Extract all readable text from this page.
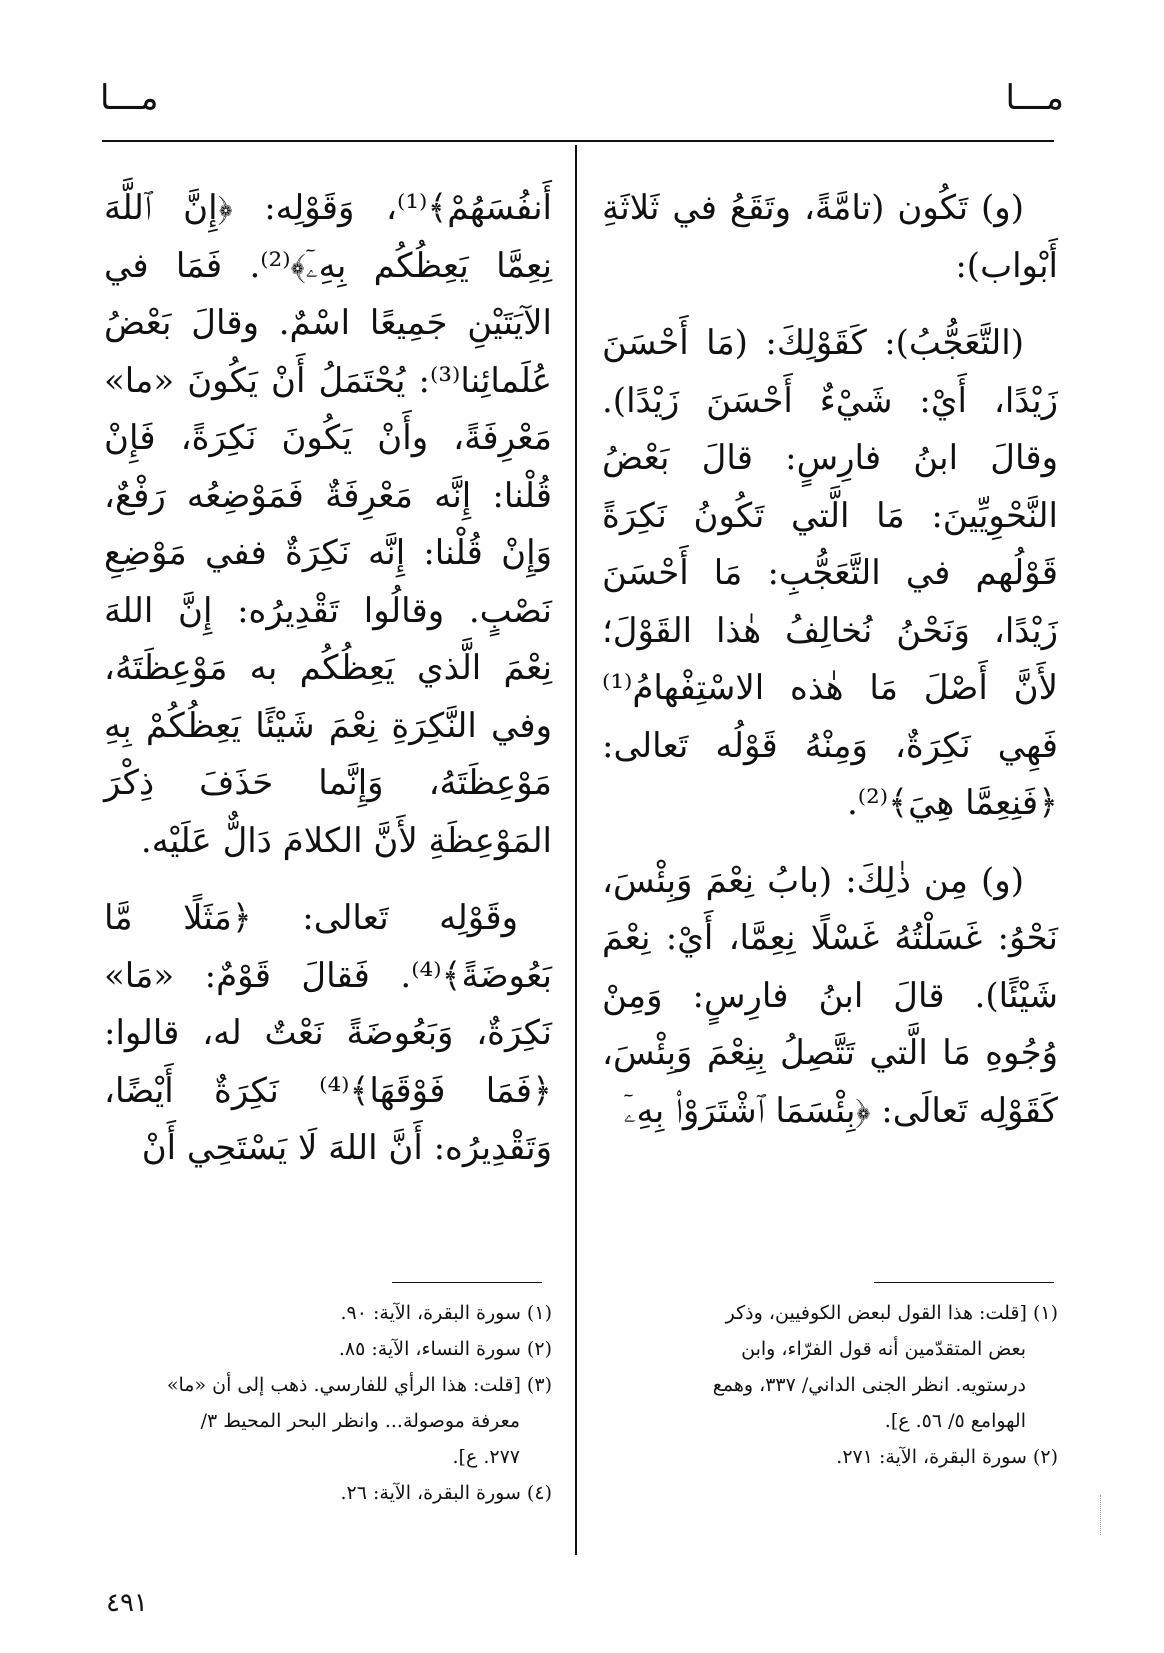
مـــا
مـــا

(و) تَكُون (تامَّةً، وتَقَعُ في ثَلاثَةِ أَبْواب):

(التَّعَجُّبُ): كَقَوْلِكَ: (مَا أَحْسَنَ زَيْدًا، أَيْ: شَيْءٌ أَحْسَنَ زَيْدًا). وقالَ ابنُ فارِسٍ: قالَ بَعْضُ النَّحْوِيِّينَ: مَا الَّتي تَكُونُ نَكِرَةً قَوْلُهم في التَّعَجُّبِ: مَا أَحْسَنَ زَيْدًا، وَنَحْنُ نُخالِفُ هٰذا القَوْلَ؛ لأَنَّ أَصْلَ مَا هٰذه الاسْتِفْهامُ⁽¹⁾ فَهِي نَكِرَةٌ، وَمِنْهُ قَوْلُه تَعالى: ﴿فَنِعِمَّا هِيَ﴾⁽²⁾.

(و) مِن ذٰلِكَ: (بابُ نِعْمَ وَبِئْسَ، نَحْوُ: غَسَلْتُهُ غَسْلًا نِعِمَّا، أَيْ: نِعْمَ شَيْئًا). قالَ ابنُ فارِسٍ: وَمِنْ وُجُوهِ مَا الَّتي تَتَّصِلُ بِنِعْمَ وَبِئْسَ، كَقَوْلِه تَعالَى: ﴿بِئْسَمَا ٱشْتَرَوْا۟ بِهِۦٓ

أَنفُسَهُمْ﴾⁽¹⁾، وَقَوْلِه: ﴿إِنَّ ٱللَّهَ نِعِمَّا يَعِظُكُم بِهِۦٓ﴾⁽²⁾. فَمَا في الآيَتَيْنِ جَمِيعًا اسْمٌ. وقالَ بَعْضُ عُلَمائِنا⁽³⁾: يُحْتَمَلُ أَنْ يَكُونَ «ما» مَعْرِفَةً، وأَنْ يَكُونَ نَكِرَةً، فَإِنْ قُلْنا: إِنَّه مَعْرِفَةٌ فَمَوْضِعُه رَفْعٌ، وَإِنْ قُلْنا: إِنَّه نَكِرَةٌ ففي مَوْضِعِ نَصْبٍ. وقالُوا تَقْدِيرُه: إِنَّ اللهَ نِعْمَ الَّذي يَعِظُكُم به مَوْعِظَتَهُ، وفي النَّكِرَةِ نِعْمَ شَيْئًا يَعِظُكُمْ بِهِ مَوْعِظَتَهُ، وَإِنَّما حَذَفَ ذِكْرَ المَوْعِظَةِ لأَنَّ الكلامَ دَالٌّ عَلَيْه.

وقَوْلِه تَعالى: ﴿مَثَلًا مَّا بَعُوضَةً﴾⁽⁴⁾. فَقالَ قَوْمٌ: «مَا» نَكِرَةٌ، وَبَعُوضَةً نَعْتٌ له، قالوا: ﴿فَمَا فَوْقَهَا﴾⁽⁴⁾ نَكِرَةٌ أَيْضًا، وَتَقْدِيرُه: أَنَّ اللهَ لَا يَسْتَحِي أَنْ

(١) [قلت: هذا القول لبعض الكوفيين، وذكر

بعض المتقدّمين أنه قول الفرّاء، وابن

درستويه. انظر الجنى الداني/ ٣٣٧، وهمع

الهوامع ٥/ ٥٦. ع].

(٢) سورة البقرة، الآية: ٢٧١.

(١) سورة البقرة، الآية: ٩٠.

(٢) سورة النساء، الآية: ٨٥.

(٣) [قلت: هذا الرأي للفارسي. ذهب إلى أن «ما»

معرفة موصولة... وانظر البحر المحيط ٣/

٢٧٧. ع].

(٤) سورة البقرة، الآية: ٢٦.

٤٩١
